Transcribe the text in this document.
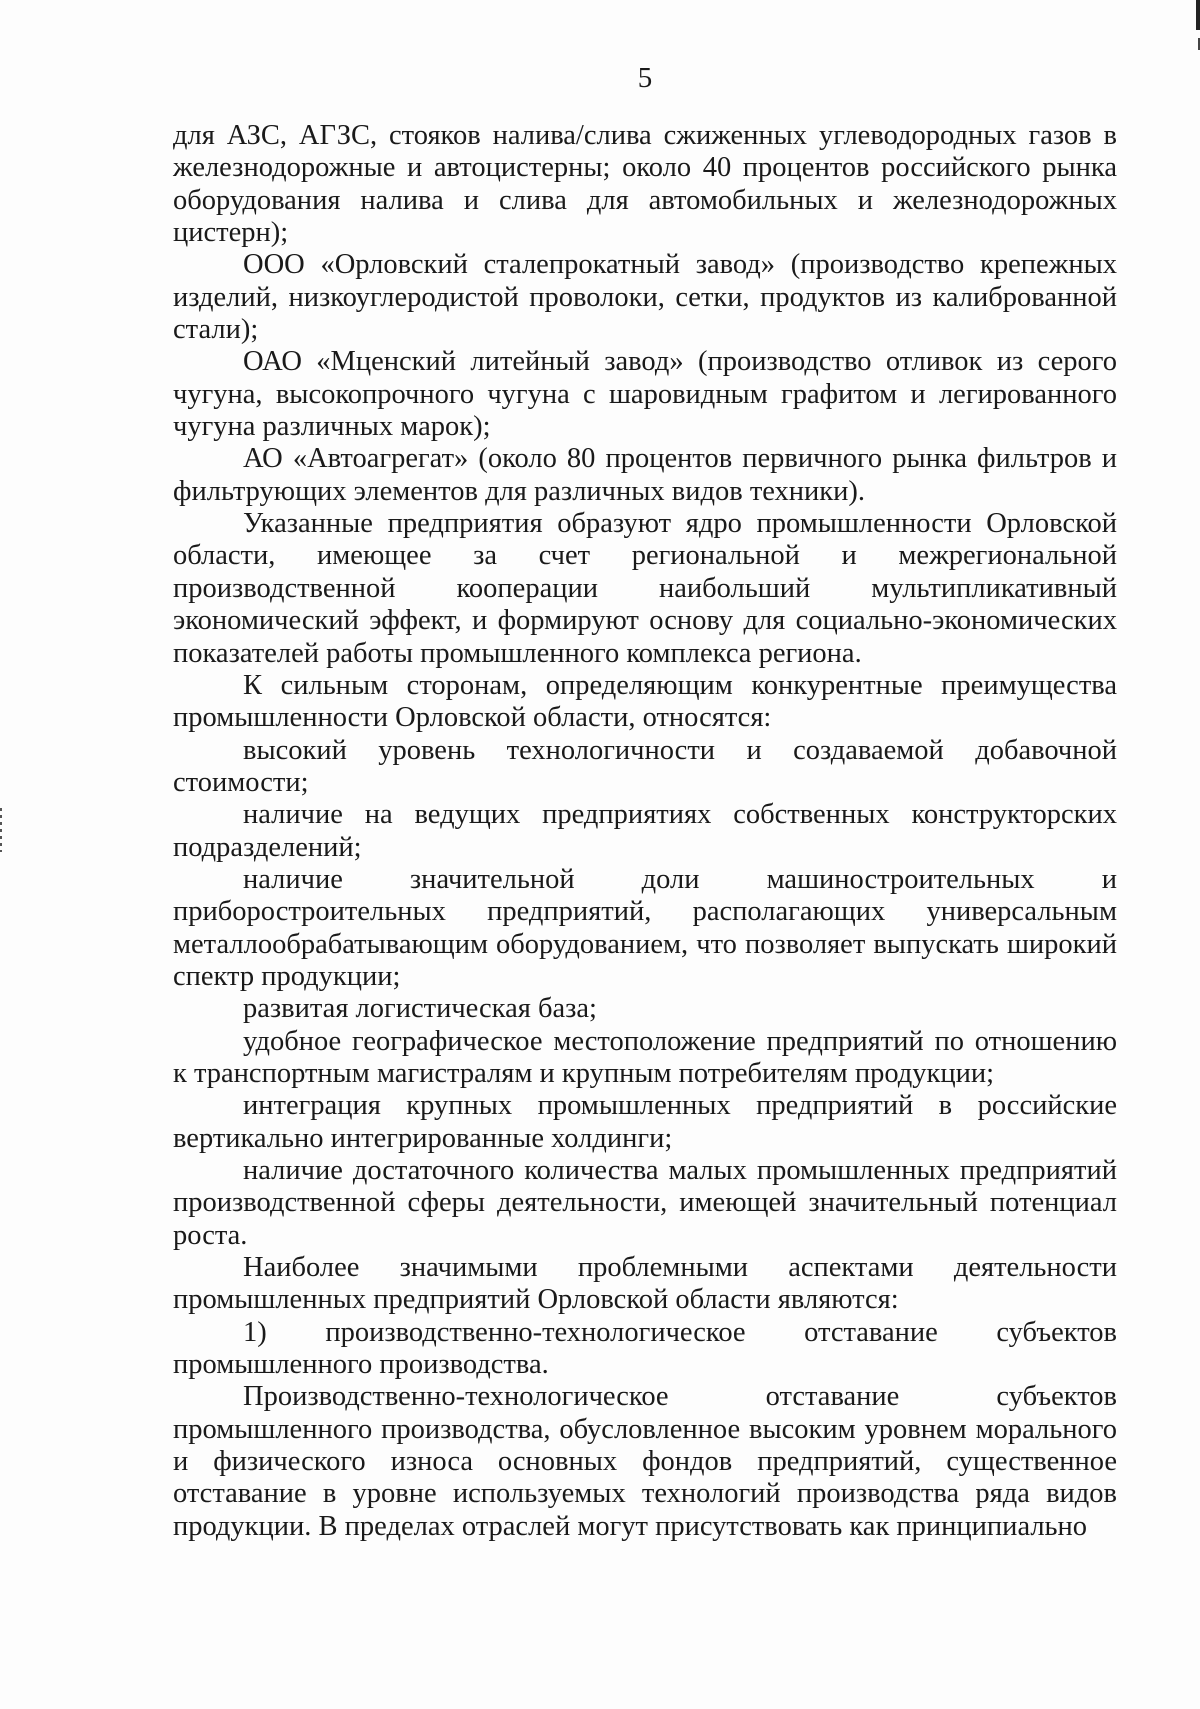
5

для АЗС, АГЗС, стояков налива/слива сжиженных углеводородных газов в железнодорожные и автоцистерны; около 40 процентов российского рынка оборудования налива и слива для автомобильных и железнодорожных цистерн);

ООО «Орловский сталепрокатный завод» (производство крепежных изделий, низкоуглеродистой проволоки, сетки, продуктов из калиброванной стали);

ОАО «Мценский литейный завод» (производство отливок из серого чугуна, высокопрочного чугуна с шаровидным графитом и легированного чугуна различных марок);

АО «Автоагрегат» (около 80 процентов первичного рынка фильтров и фильтрующих элементов для различных видов техники).

Указанные предприятия образуют ядро промышленности Орловской области, имеющее за счет региональной и межрегиональной производственной кооперации наибольший мультипликативный экономический эффект, и формируют основу для социально-экономических показателей работы промышленного комплекса региона.

К сильным сторонам, определяющим конкурентные преимущества промышленности Орловской области, относятся:

высокий уровень технологичности и создаваемой добавочной стоимости;

наличие на ведущих предприятиях собственных конструкторских подразделений;

наличие значительной доли машиностроительных и приборостроительных предприятий, располагающих универсальным металлообрабатывающим оборудованием, что позволяет выпускать широкий спектр продукции;

развитая логистическая база;

удобное географическое местоположение предприятий по отношению к транспортным магистралям и крупным потребителям продукции;

интеграция крупных промышленных предприятий в российские вертикально интегрированные холдинги;

наличие достаточного количества малых промышленных предприятий производственной сферы деятельности, имеющей значительный потенциал роста.

Наиболее значимыми проблемными аспектами деятельности промышленных предприятий Орловской области являются:

1) производственно-технологическое отставание субъектов промышленного производства.

Производственно-технологическое отставание субъектов промышленного производства, обусловленное высоким уровнем морального и физического износа основных фондов предприятий, существенное отставание в уровне используемых технологий производства ряда видов продукции. В пределах отраслей могут присутствовать как принципиально
